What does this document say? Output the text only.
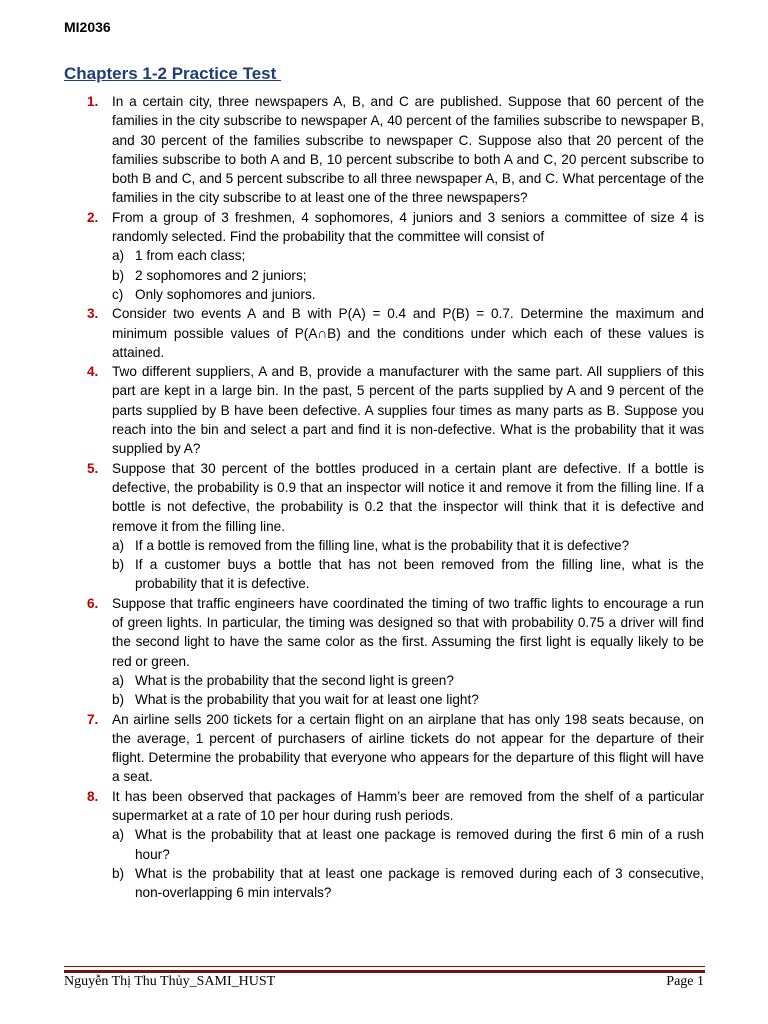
MI2036
Chapters 1-2 Practice Test
1. In a certain city, three newspapers A, B, and C are published. Suppose that 60 percent of the families in the city subscribe to newspaper A, 40 percent of the families subscribe to newspaper B, and 30 percent of the families subscribe to newspaper C. Suppose also that 20 percent of the families subscribe to both A and B, 10 percent subscribe to both A and C, 20 percent subscribe to both B and C, and 5 percent subscribe to all three newspaper A, B, and C. What percentage of the families in the city subscribe to at least one of the three newspapers?
2. From a group of 3 freshmen, 4 sophomores, 4 juniors and 3 seniors a committee of size 4 is randomly selected. Find the probability that the committee will consist of
a) 1 from each class;
b) 2 sophomores and 2 juniors;
c) Only sophomores and juniors.
3. Consider two events A and B with P(A) = 0.4 and P(B) = 0.7. Determine the maximum and minimum possible values of P(A∩B) and the conditions under which each of these values is attained.
4. Two different suppliers, A and B, provide a manufacturer with the same part. All suppliers of this part are kept in a large bin. In the past, 5 percent of the parts supplied by A and 9 percent of the parts supplied by B have been defective. A supplies four times as many parts as B. Suppose you reach into the bin and select a part and find it is non-defective. What is the probability that it was supplied by A?
5. Suppose that 30 percent of the bottles produced in a certain plant are defective. If a bottle is defective, the probability is 0.9 that an inspector will notice it and remove it from the filling line. If a bottle is not defective, the probability is 0.2 that the inspector will think that it is defective and remove it from the filling line.
a) If a bottle is removed from the filling line, what is the probability that it is defective?
b) If a customer buys a bottle that has not been removed from the filling line, what is the probability that it is defective.
6. Suppose that traffic engineers have coordinated the timing of two traffic lights to encourage a run of green lights. In particular, the timing was designed so that with probability 0.75 a driver will find the second light to have the same color as the first. Assuming the first light is equally likely to be red or green.
a) What is the probability that the second light is green?
b) What is the probability that you wait for at least one light?
7. An airline sells 200 tickets for a certain flight on an airplane that has only 198 seats because, on the average, 1 percent of purchasers of airline tickets do not appear for the departure of their flight. Determine the probability that everyone who appears for the departure of this flight will have a seat.
8. It has been observed that packages of Hamm’s beer are removed from the shelf of a particular supermarket at a rate of 10 per hour during rush periods.
a) What is the probability that at least one package is removed during the first 6 min of a rush hour?
b) What is the probability that at least one package is removed during each of 3 consecutive, non-overlapping 6 min intervals?
Nguyễn Thị Thu Thủy_SAMI_HUST	Page 1
